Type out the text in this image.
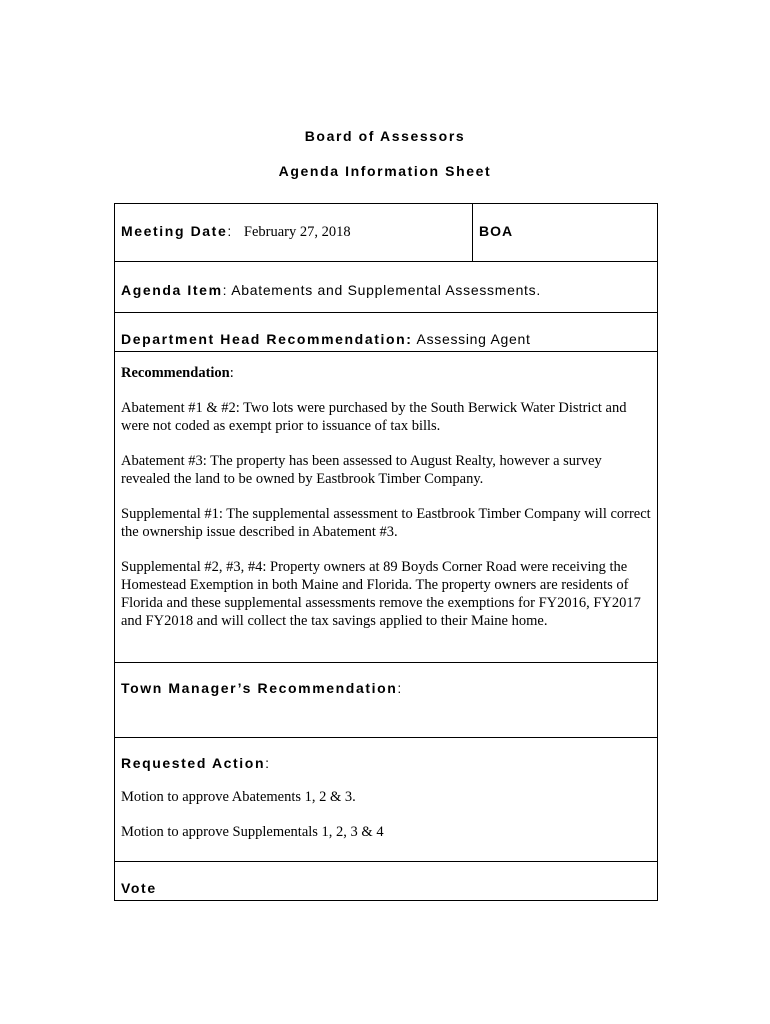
Board of Assessors
Agenda Information Sheet
Meeting Date: February 27, 2018	BOA

Agenda Item: Abatements and Supplemental Assessments.

Department Head Recommendation: Assessing Agent

Recommendation:

Abatement #1 & #2: Two lots were purchased by the South Berwick Water District and were not coded as exempt prior to issuance of tax bills.

Abatement #3: The property has been assessed to August Realty, however a survey revealed the land to be owned by Eastbrook Timber Company.

Supplemental #1: The supplemental assessment to Eastbrook Timber Company will correct the ownership issue described in Abatement #3.

Supplemental #2, #3, #4: Property owners at 89 Boyds Corner Road were receiving the Homestead Exemption in both Maine and Florida. The property owners are residents of Florida and these supplemental assessments remove the exemptions for FY2016, FY2017 and FY2018 and will collect the tax savings applied to their Maine home.

Town Manager’s Recommendation:

Requested Action:

Motion to approve Abatements 1, 2 & 3.

Motion to approve Supplementals 1, 2, 3 & 4

Vote
